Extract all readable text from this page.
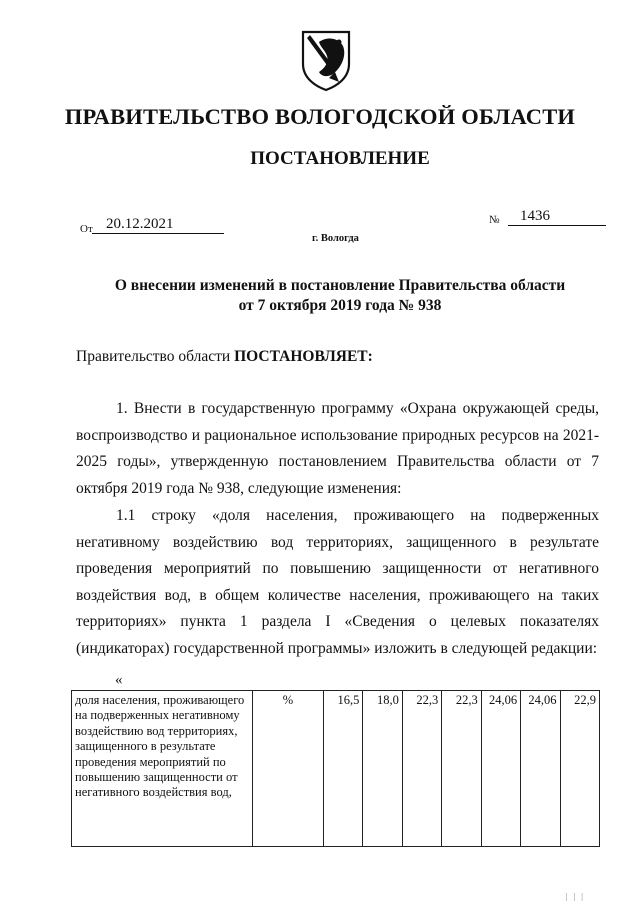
ПРАВИТЕЛЬСТВО ВОЛОГОДСКОЙ ОБЛАСТИ
ПОСТАНОВЛЕНИЕ
От 20.12.2021	№	1436
г. Вологда
О внесении изменений в постановление Правительства области
от 7 октября 2019 года № 938
Правительство области ПОСТАНОВЛЯЕТ:
1. Внести в государственную программу «Охрана окружающей среды, воспроизводство и рациональное использование природных ресурсов на 2021-2025 годы», утвержденную постановлением Правительства области от 7 октября 2019 года № 938, следующие изменения:
1.1 строку «доля населения, проживающего на подверженных негативному воздействию вод территориях, защищенного в результате проведения мероприятий по повышению защищенности от негативного воздействия вод, в общем количестве населения, проживающего на таких территориях» пункта 1 раздела I «Сведения о целевых показателях (индикаторах) государственной программы» изложить в следующей редакции:
«
доля населения, проживающего на подверженных негативному воздействию вод территориях, защищенного в результате проведения мероприятий по повышению защищенности от негативного воздействия вод,	%	16,5	18,0	22,3	22,3	24,06	24,06	22,9
| | |
